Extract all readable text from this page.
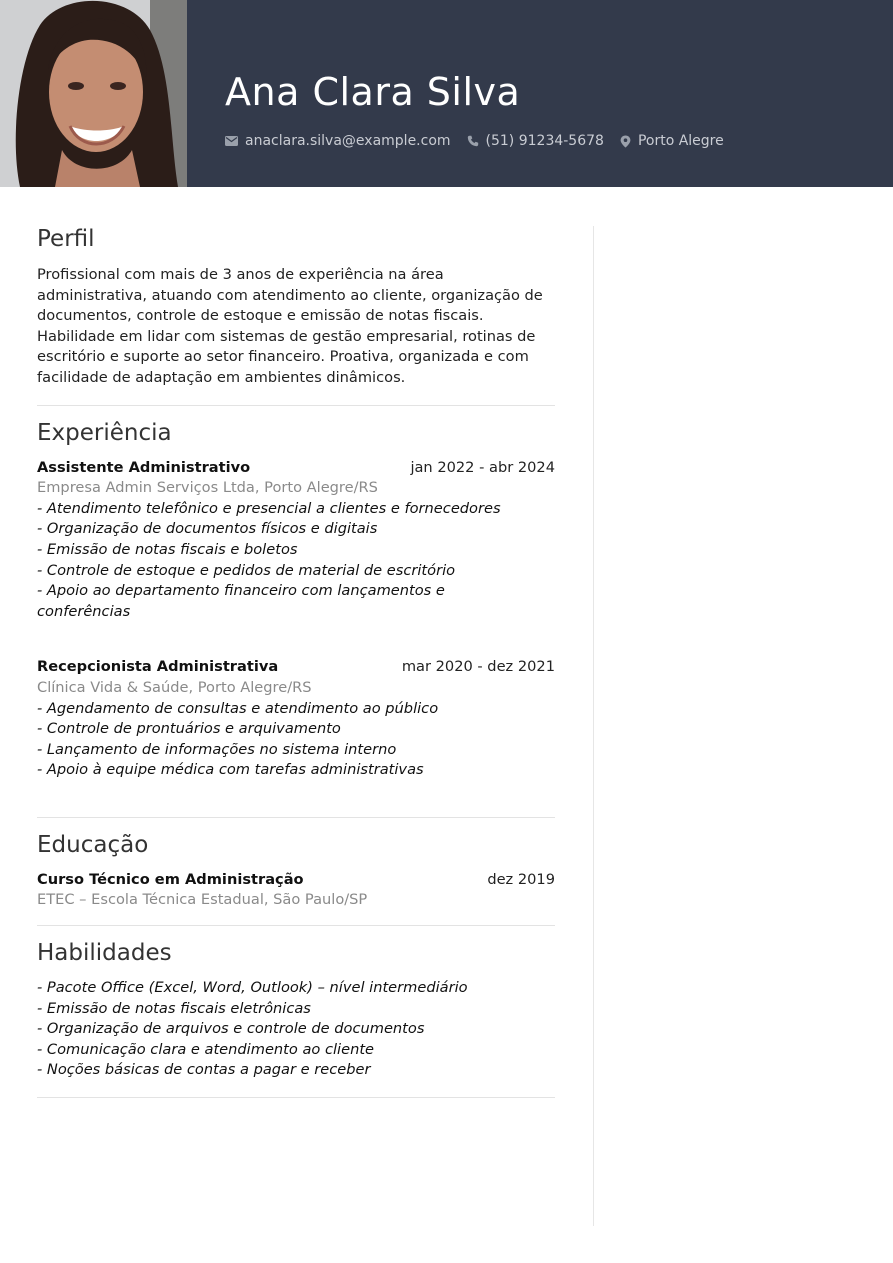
Ana Clara Silva
anaclara.silva@example.com	(51) 91234-5678 Porto Alegre
Perfil
Profissional com mais de 3 anos de experiência na área administrativa, atuando com atendimento ao cliente, organização de documentos, controle de estoque e emissão de notas fiscais. Habilidade em lidar com sistemas de gestão empresarial, rotinas de escritório e suporte ao setor financeiro. Proativa, organizada e com facilidade de adaptação em ambientes dinâmicos.
Experiência
Assistente Administrativo	jan 2022 - abr 2024
Empresa Admin Serviços Ltda, Porto Alegre/RS
- Atendimento telefônico e presencial a clientes e fornecedores
- Organização de documentos físicos e digitais
- Emissão de notas fiscais e boletos
- Controle de estoque e pedidos de material de escritório
- Apoio ao departamento financeiro com lançamentos e conferências
Recepcionista Administrativa	mar 2020 - dez 2021
Clínica Vida & Saúde, Porto Alegre/RS
- Agendamento de consultas e atendimento ao público
- Controle de prontuários e arquivamento
- Lançamento de informações no sistema interno
- Apoio à equipe médica com tarefas administrativas
Educação
Curso Técnico em Administração	dez 2019
ETEC – Escola Técnica Estadual, São Paulo/SP
Habilidades
- Pacote Office (Excel, Word, Outlook) – nível intermediário
- Emissão de notas fiscais eletrônicas
- Organização de arquivos e controle de documentos
- Comunicação clara e atendimento ao cliente
- Noções básicas de contas a pagar e receber
